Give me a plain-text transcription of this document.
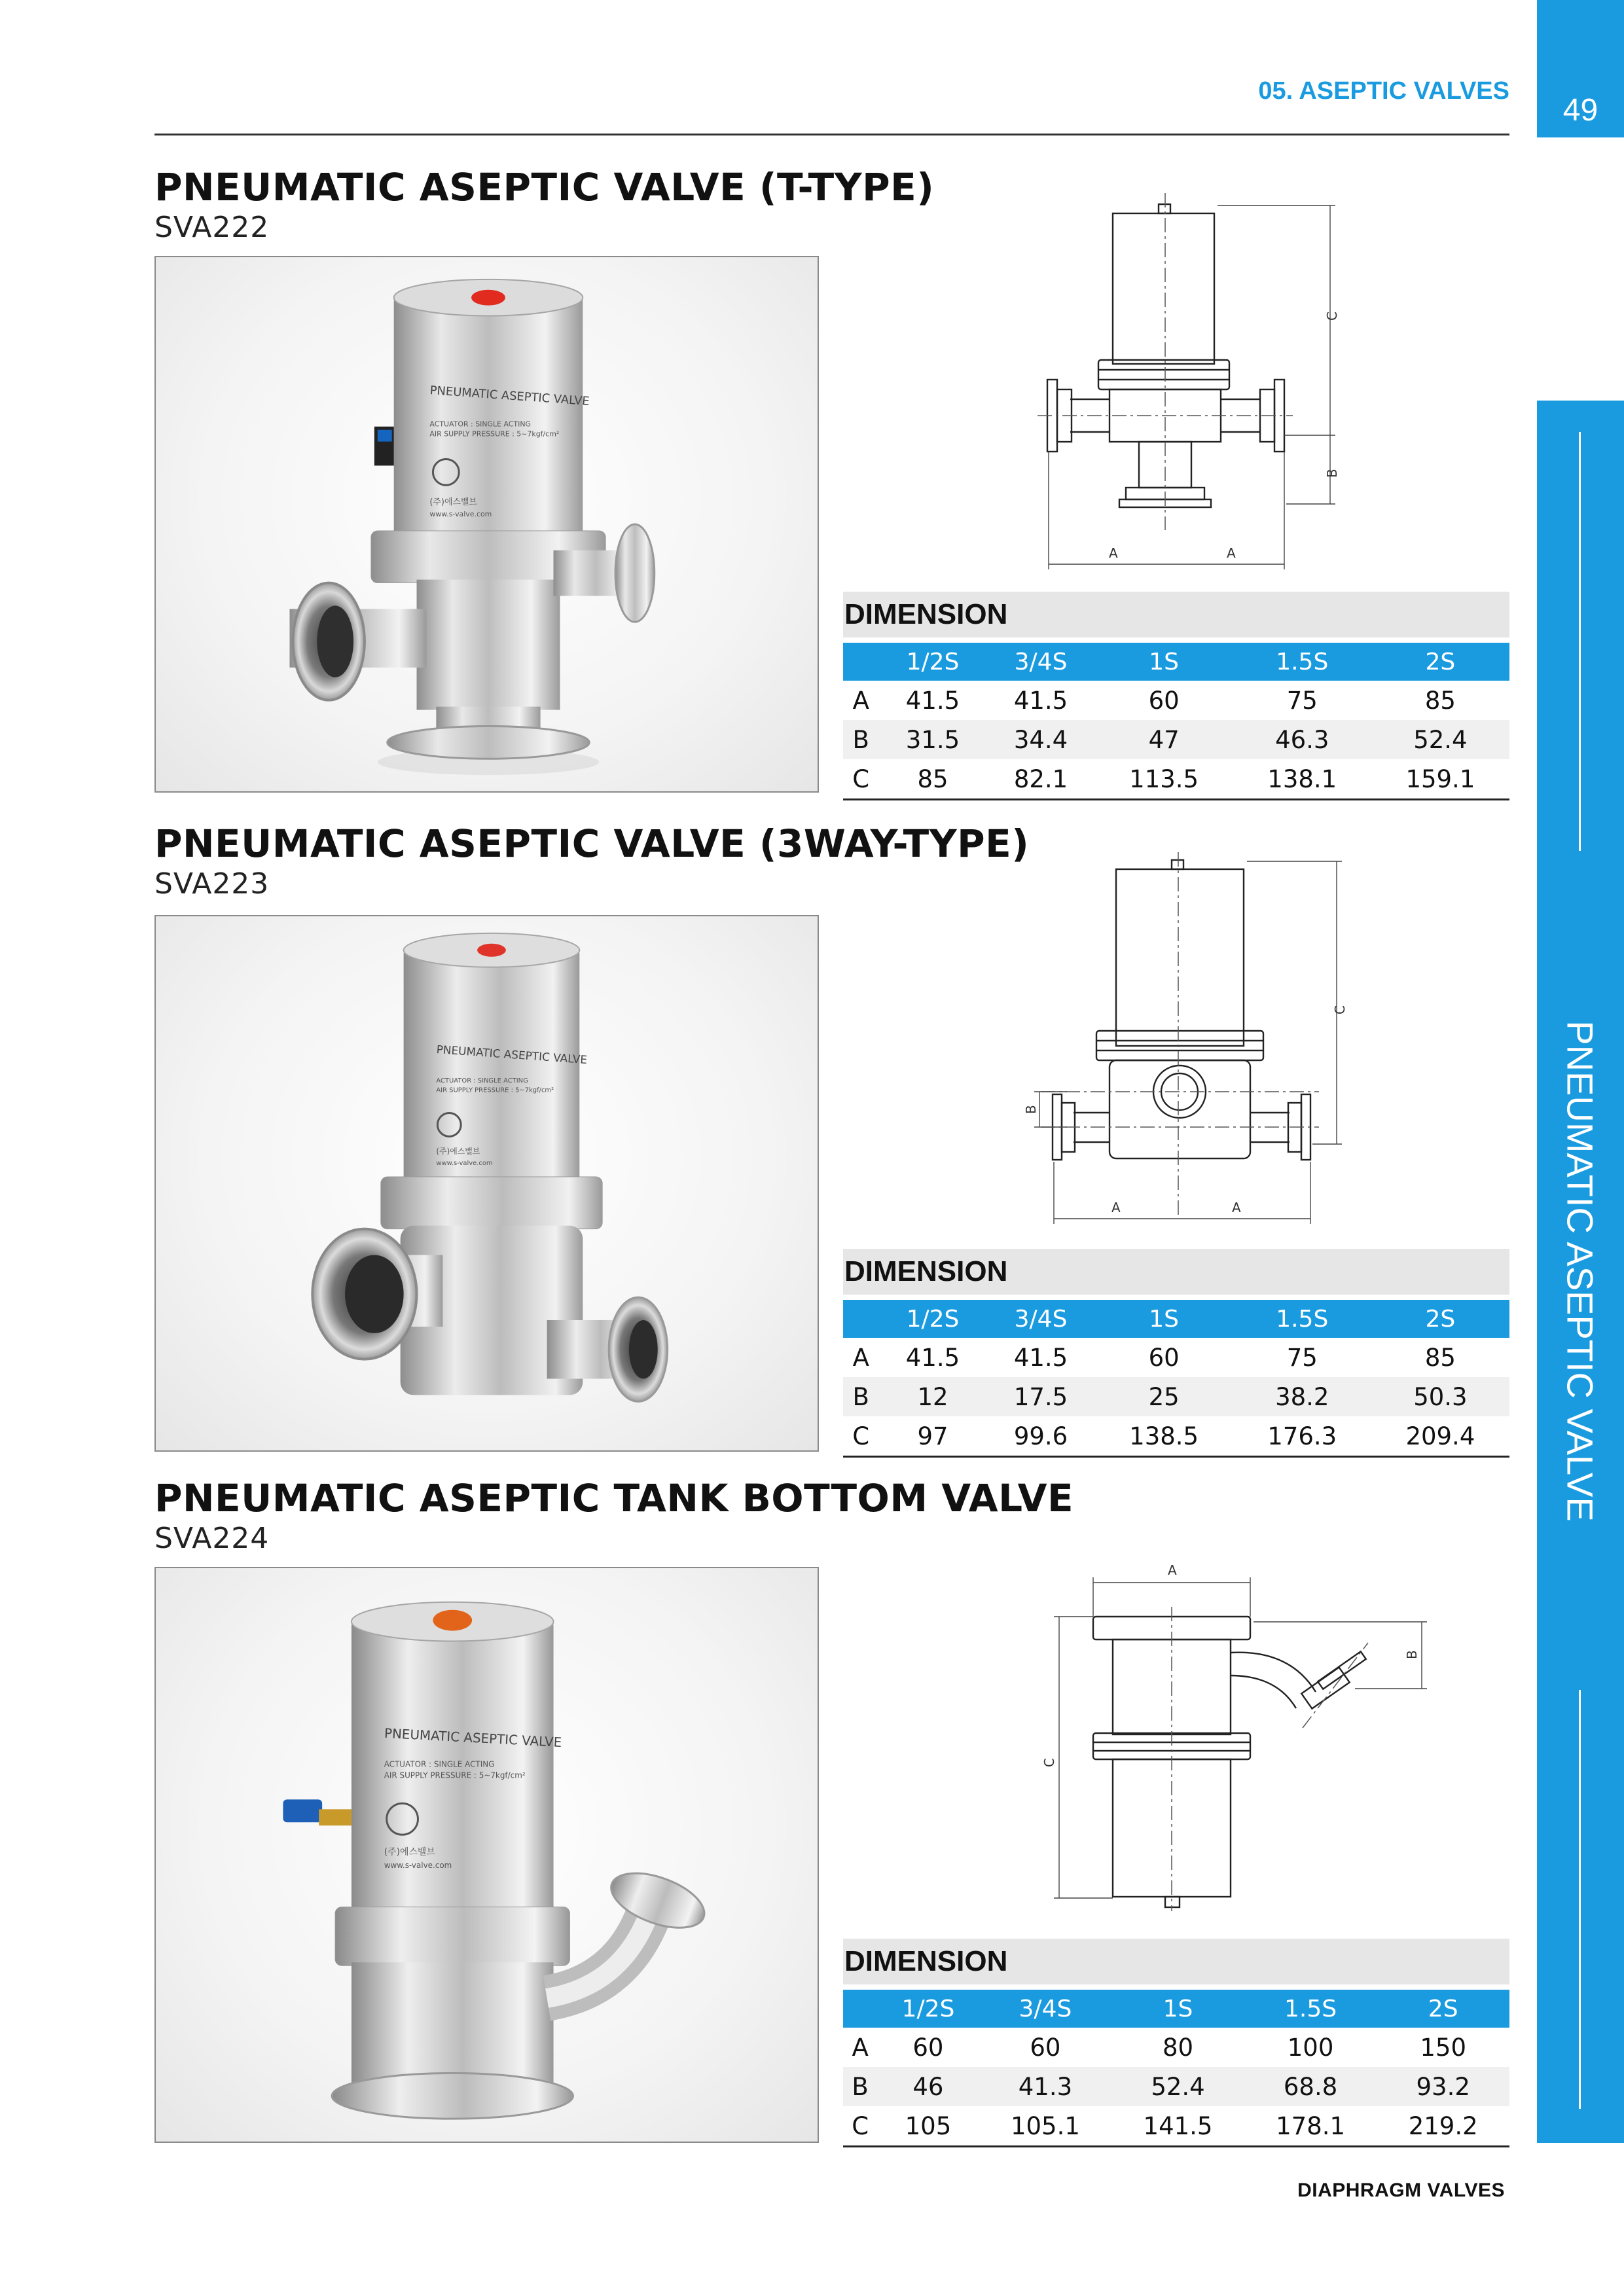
05. ASEPTIC VALVES
49
PNEUMATIC ASEPTIC VALVE
PNEUMATIC ASEPTIC VALVE (T-TYPE)
SVA222
PNEUMATIC ASEPTIC VALVE
ACTUATOR : SINGLE ACTING
AIR SUPPLY PRESSURE : 5~7kgf/cm²
(주)에스밸브
www.s-valve.com
C
B
A	A
DIMENSION
	1/2S	3/4S	1S	1.5S	2S
A	41.5	41.5	60	75	85
B	31.5	34.4	47	46.3	52.4
C	85	82.1	113.5	138.1	159.1
PNEUMATIC ASEPTIC VALVE (3WAY-TYPE)
SVA223
PNEUMATIC ASEPTIC VALVE
ACTUATOR : SINGLE ACTING
AIR SUPPLY PRESSURE : 5~7kgf/cm²
(주)에스밸브
www.s-valve.com
C
B
A	A
DIMENSION
	1/2S	3/4S	1S	1.5S	2S
A	41.5	41.5	60	75	85
B	12	17.5	25	38.2	50.3
C	97	99.6	138.5	176.3	209.4
PNEUMATIC ASEPTIC TANK BOTTOM VALVE
SVA224
PNEUMATIC ASEPTIC VALVE
ACTUATOR : SINGLE ACTING
AIR SUPPLY PRESSURE : 5~7kgf/cm²
(주)에스밸브
www.s-valve.com
A
C
B
DIMENSION
	1/2S	3/4S	1S	1.5S	2S
A	60	60	80	100	150
B	46	41.3	52.4	68.8	93.2
C	105	105.1	141.5	178.1	219.2
DIAPHRAGM VALVES
